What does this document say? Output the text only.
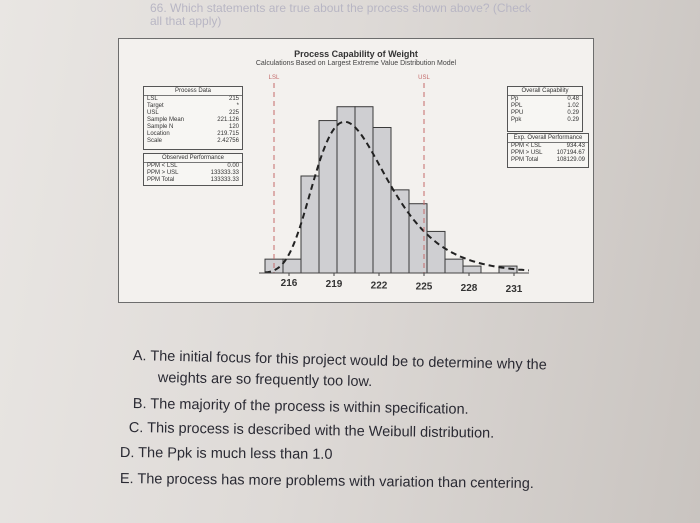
66. Which statements are true about the process shown above? (Check
all that apply)
Process Capability of Weight
Calculations Based on Largest Extreme Value Distribution Model
Process Data
LSL	215
Target	*
USL	225
Sample Mean	221.126
Sample N	120
Location	219.715
Scale	2.42756
Observed Performance
PPM < LSL	0.00
PPM > USL	133333.33
PPM Total	133333.33
Overall Capability
Pp	0.48
PPL	1.02
PPU	0.29
Ppk	0.29
Exp. Overall Performance
PPM < LSL	934.43
PPM > USL 107194.67
PPM Total	108129.09
LSL	USL
216	219	222	225	228	231
A. The initial focus for this project would be to determine why the
weights are so frequently too low.
B. The majority of the process is within specification.
C. This process is described with the Weibull distribution.
D. The Ppk is much less than 1.0
E. The process has more problems with variation than centering.
